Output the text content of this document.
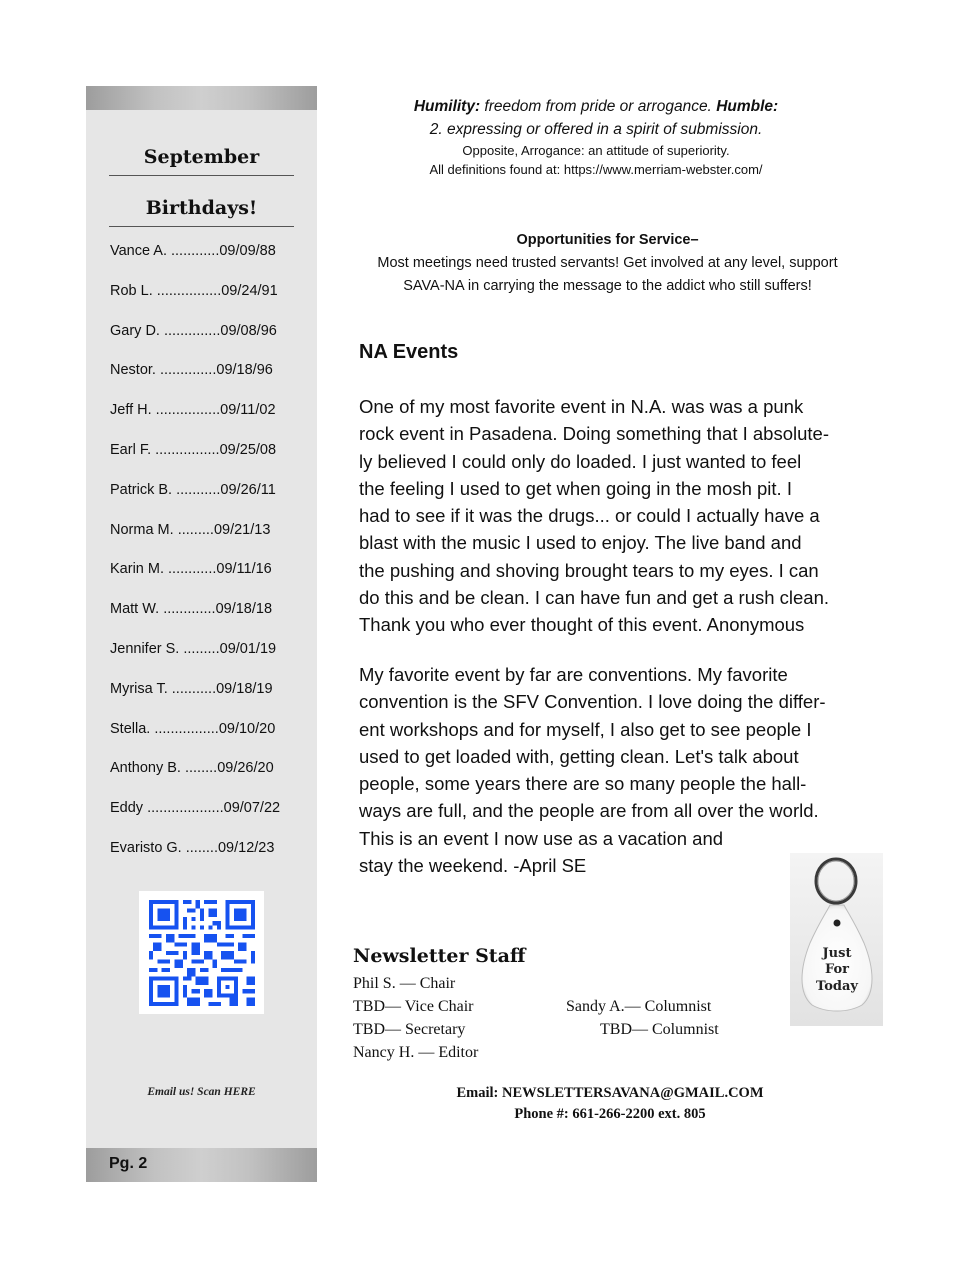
September
Birthdays!
Vance A. ............09/09/88
Rob L. ................09/24/91
Gary D. ..............09/08/96
Nestor. ..............09/18/96
Jeff H. ................09/11/02
Earl F. ................09/25/08
Patrick B. ...........09/26/11
Norma M. .........09/21/13
Karin M. ............09/11/16
Matt W. .............09/18/18
Jennifer S. .........09/01/19
Myrisa T. ...........09/18/19
Stella. ................09/10/20
Anthony B. ........09/26/20
Eddy ...................09/07/22
Evaristo G. ........09/12/23
Email us! Scan HERE
Pg. 2
Humility: freedom from pride or arrogance. Humble:
2. expressing or offered in a spirit of submission.
Opposite, Arrogance: an attitude of superiority.
All definitions found at: https://www.merriam-webster.com/
Opportunities for Service–
Most meetings need trusted servants! Get involved at any level, support
SAVA-NA in carrying the message to the addict who still suffers!
NA Events

One of my most favorite event in N.A. was was a punk
rock event in Pasadena. Doing something that I absolute-
ly believed I could only do loaded. I just wanted to feel
the feeling I used to get when going in the mosh pit. I
had to see if it was the drugs... or could I actually have a
blast with the music I used to enjoy. The live band and
the pushing and shoving brought tears to my eyes. I can
do this and be clean. I can have fun and get a rush clean.
Thank you who ever thought of this event. Anonymous

My favorite event by far are conventions. My favorite
convention is the SFV Convention. I love doing the differ-
ent workshops and for myself, I also get to see people I
used to get loaded with, getting clean. Let's talk about
people, some years there are so many people the hall-
ways are full, and the people are from all over the world.
This is an event I now use as a vacation and
stay the weekend. -April SE

Just
For
Today
Newsletter Staff
Phil S. — Chair
TBD— Vice Chair
TBD— Secretary
Nancy H. — Editor
Sandy A.— Columnist
TBD— Columnist
Email: NEWSLETTERSAVANA@GMAIL.COM
Phone #: 661-266-2200 ext. 805
